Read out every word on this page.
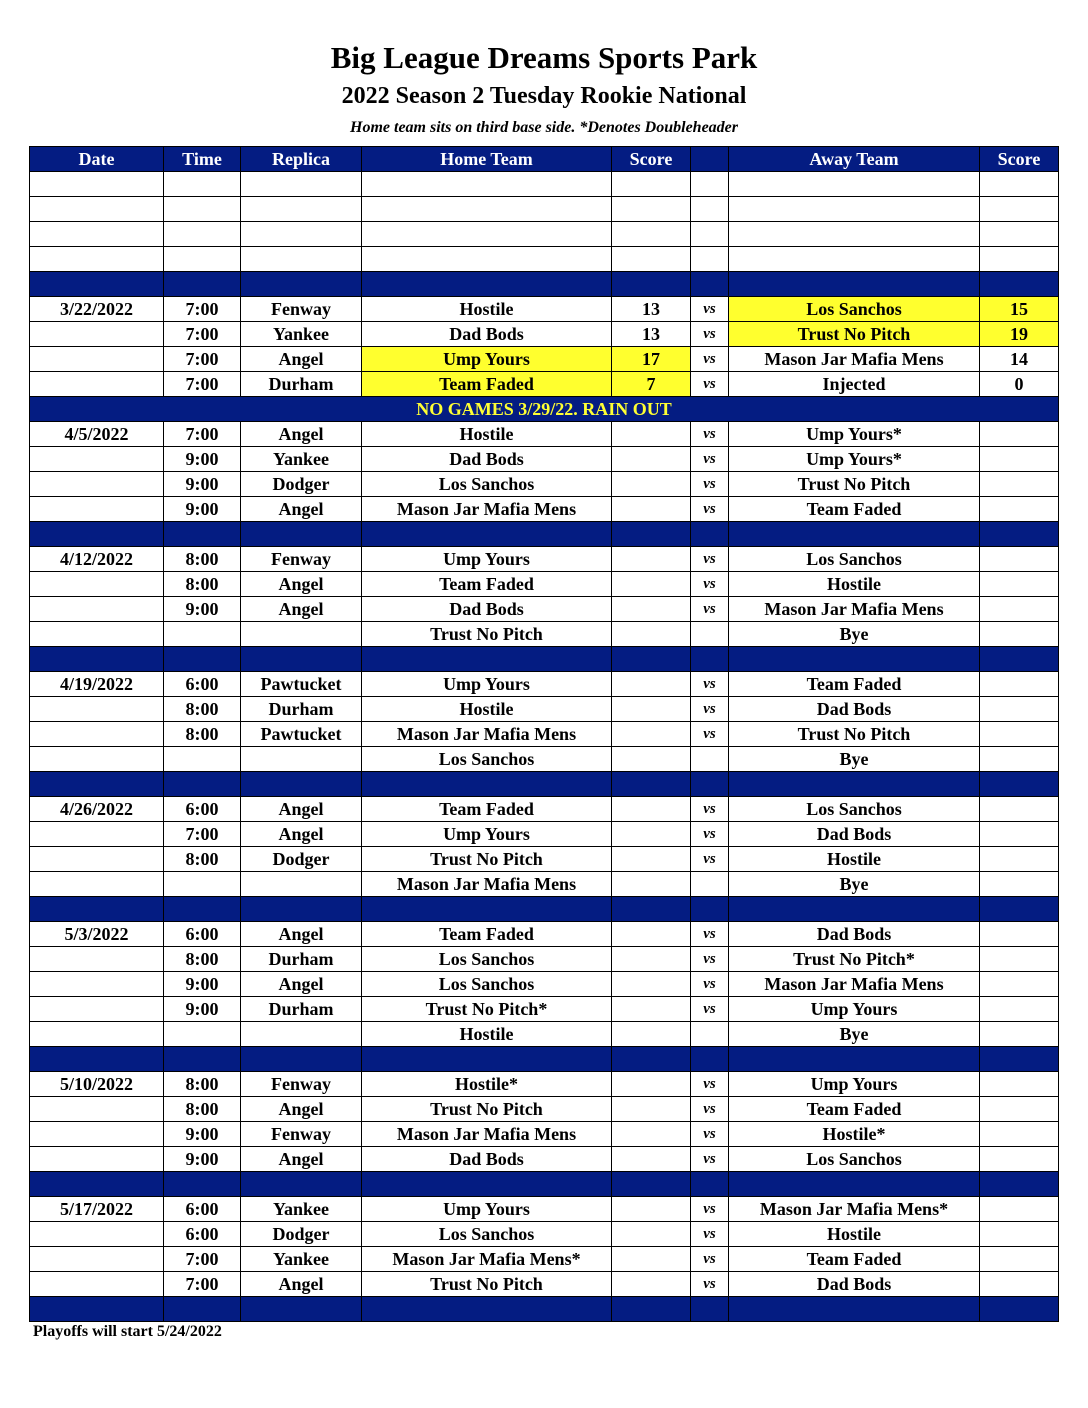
Big League Dreams Sports Park
2022 Season 2 Tuesday Rookie National
Home team sits on third base side. *Denotes Doubleheader
Date	Time	Replica	Home Team	Score		Away Team	Score

3/22/2022	7:00	Fenway	Hostile	13	vs	Los Sanchos	15
	7:00	Yankee	Dad Bods	13	vs	Trust No Pitch	19
	7:00	Angel	Ump Yours	17	vs	Mason Jar Mafia Mens	14
	7:00	Durham	Team Faded	7	vs	Injected	0
NO GAMES 3/29/22. RAIN OUT							
4/5/2022	7:00	Angel	Hostile		vs	Ump Yours*	
	9:00	Yankee	Dad Bods		vs	Ump Yours*	
	9:00	Dodger	Los Sanchos		vs	Trust No Pitch	
	9:00	Angel	Mason Jar Mafia Mens		vs	Team Faded	

4/12/2022	8:00	Fenway	Ump Yours		vs	Los Sanchos	
	8:00	Angel	Team Faded		vs	Hostile	
	9:00	Angel	Dad Bods		vs	Mason Jar Mafia Mens	
			Trust No Pitch			Bye	

4/19/2022	6:00	Pawtucket	Ump Yours		vs	Team Faded	
	8:00	Durham	Hostile		vs	Dad Bods	
	8:00	Pawtucket	Mason Jar Mafia Mens		vs	Trust No Pitch	
			Los Sanchos			Bye	

4/26/2022	6:00	Angel	Team Faded		vs	Los Sanchos	
	7:00	Angel	Ump Yours		vs	Dad Bods	
	8:00	Dodger	Trust No Pitch		vs	Hostile	
			Mason Jar Mafia Mens			Bye	

5/3/2022	6:00	Angel	Team Faded		vs	Dad Bods	
	8:00	Durham	Los Sanchos		vs	Trust No Pitch*	
	9:00	Angel	Los Sanchos		vs	Mason Jar Mafia Mens	
	9:00	Durham	Trust No Pitch*		vs	Ump Yours	
			Hostile			Bye	

5/10/2022	8:00	Fenway	Hostile*		vs	Ump Yours	
	8:00	Angel	Trust No Pitch		vs	Team Faded	
	9:00	Fenway	Mason Jar Mafia Mens		vs	Hostile*	
	9:00	Angel	Dad Bods		vs	Los Sanchos	

5/17/2022	6:00	Yankee	Ump Yours		vs	Mason Jar Mafia Mens*	
	6:00	Dodger	Los Sanchos		vs	Hostile	
	7:00	Yankee	Mason Jar Mafia Mens*		vs	Team Faded	
	7:00	Angel	Trust No Pitch		vs	Dad Bods	

Playoffs will start 5/24/2022
